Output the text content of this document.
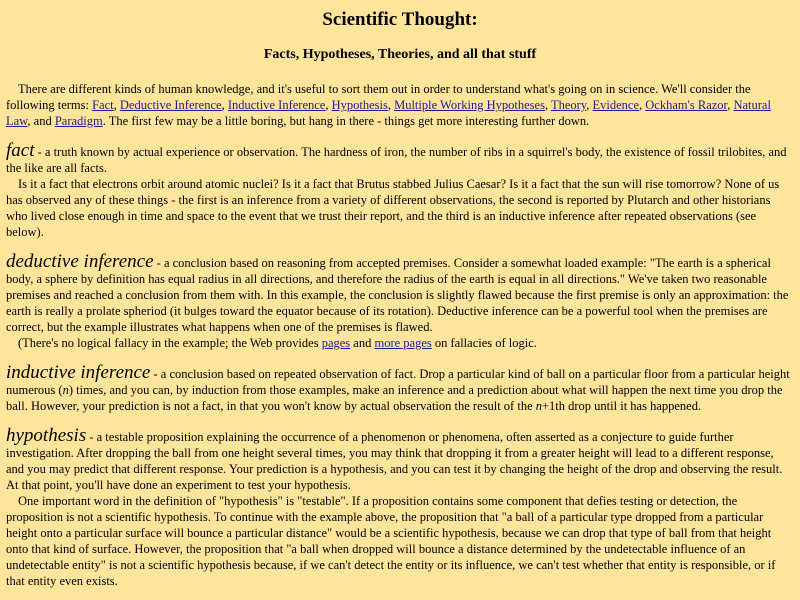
Scientific Thought:
Facts, Hypotheses, Theories, and all that stuff

There are different kinds of human knowledge, and it's useful to sort them out in order to understand what's going on in science. We'll consider the following terms: Fact, Deductive Inference, Inductive Inference, Hypothesis, Multiple Working Hypotheses, Theory, Evidence, Ockham's Razor, Natural Law, and Paradigm. The first few may be a little boring, but hang in there - things get more interesting further down.

fact - a truth known by actual experience or observation. The hardness of iron, the number of ribs in a squirrel's body, the existence of fossil trilobites, and the like are all facts.

Is it a fact that electrons orbit around atomic nuclei? Is it a fact that Brutus stabbed Julius Caesar? Is it a fact that the sun will rise tomorrow? None of us has observed any of these things - the first is an inference from a variety of different observations, the second is reported by Plutarch and other historians who lived close enough in time and space to the event that we trust their report, and the third is an inductive inference after repeated observations (see below).

deductive inference - a conclusion based on reasoning from accepted premises. Consider a somewhat loaded example: "The earth is a spherical body, a sphere by definition has equal radius in all directions, and therefore the radius of the earth is equal in all directions." We've taken two reasonable premises and reached a conclusion from them with. In this example, the conclusion is slightly flawed because the first premise is only an approximation: the earth is really a prolate spheriod (it bulges toward the equator because of its rotation). Deductive inference can be a powerful tool when the premises are correct, but the example illustrates what happens when one of the premises is flawed.

(There's no logical fallacy in the example; the Web provides pages and more pages on fallacies of logic.

inductive inference - a conclusion based on repeated observation of fact. Drop a particular kind of ball on a particular floor from a particular height numerous (n) times, and you can, by induction from those examples, make an inference and a prediction about what will happen the next time you drop the ball. However, your prediction is not a fact, in that you won't know by actual observation the result of the n+1th drop until it has happened.

hypothesis - a testable proposition explaining the occurrence of a phenomenon or phenomena, often asserted as a conjecture to guide further investigation. After dropping the ball from one height several times, you may think that dropping it from a greater height will lead to a different response, and you may predict that different response. Your prediction is a hypothesis, and you can test it by changing the height of the drop and observing the result. At that point, you'll have done an experiment to test your hypothesis.

One important word in the definition of "hypothesis" is "testable". If a proposition contains some component that defies testing or detection, the proposition is not a scientific hypothesis. To continue with the example above, the proposition that "a ball of a particular type dropped from a particular height onto a particular surface will bounce a particular distance" would be a scientific hypothesis, because we can drop that type of ball from that height onto that kind of surface. However, the proposition that "a ball when dropped will bounce a distance determined by the undetectable influence of an undetectable entity" is not a scientific hypothesis because, if we can't detect the entity or its influence, we can't test whether that entity is responsible, or if that entity even exists.
